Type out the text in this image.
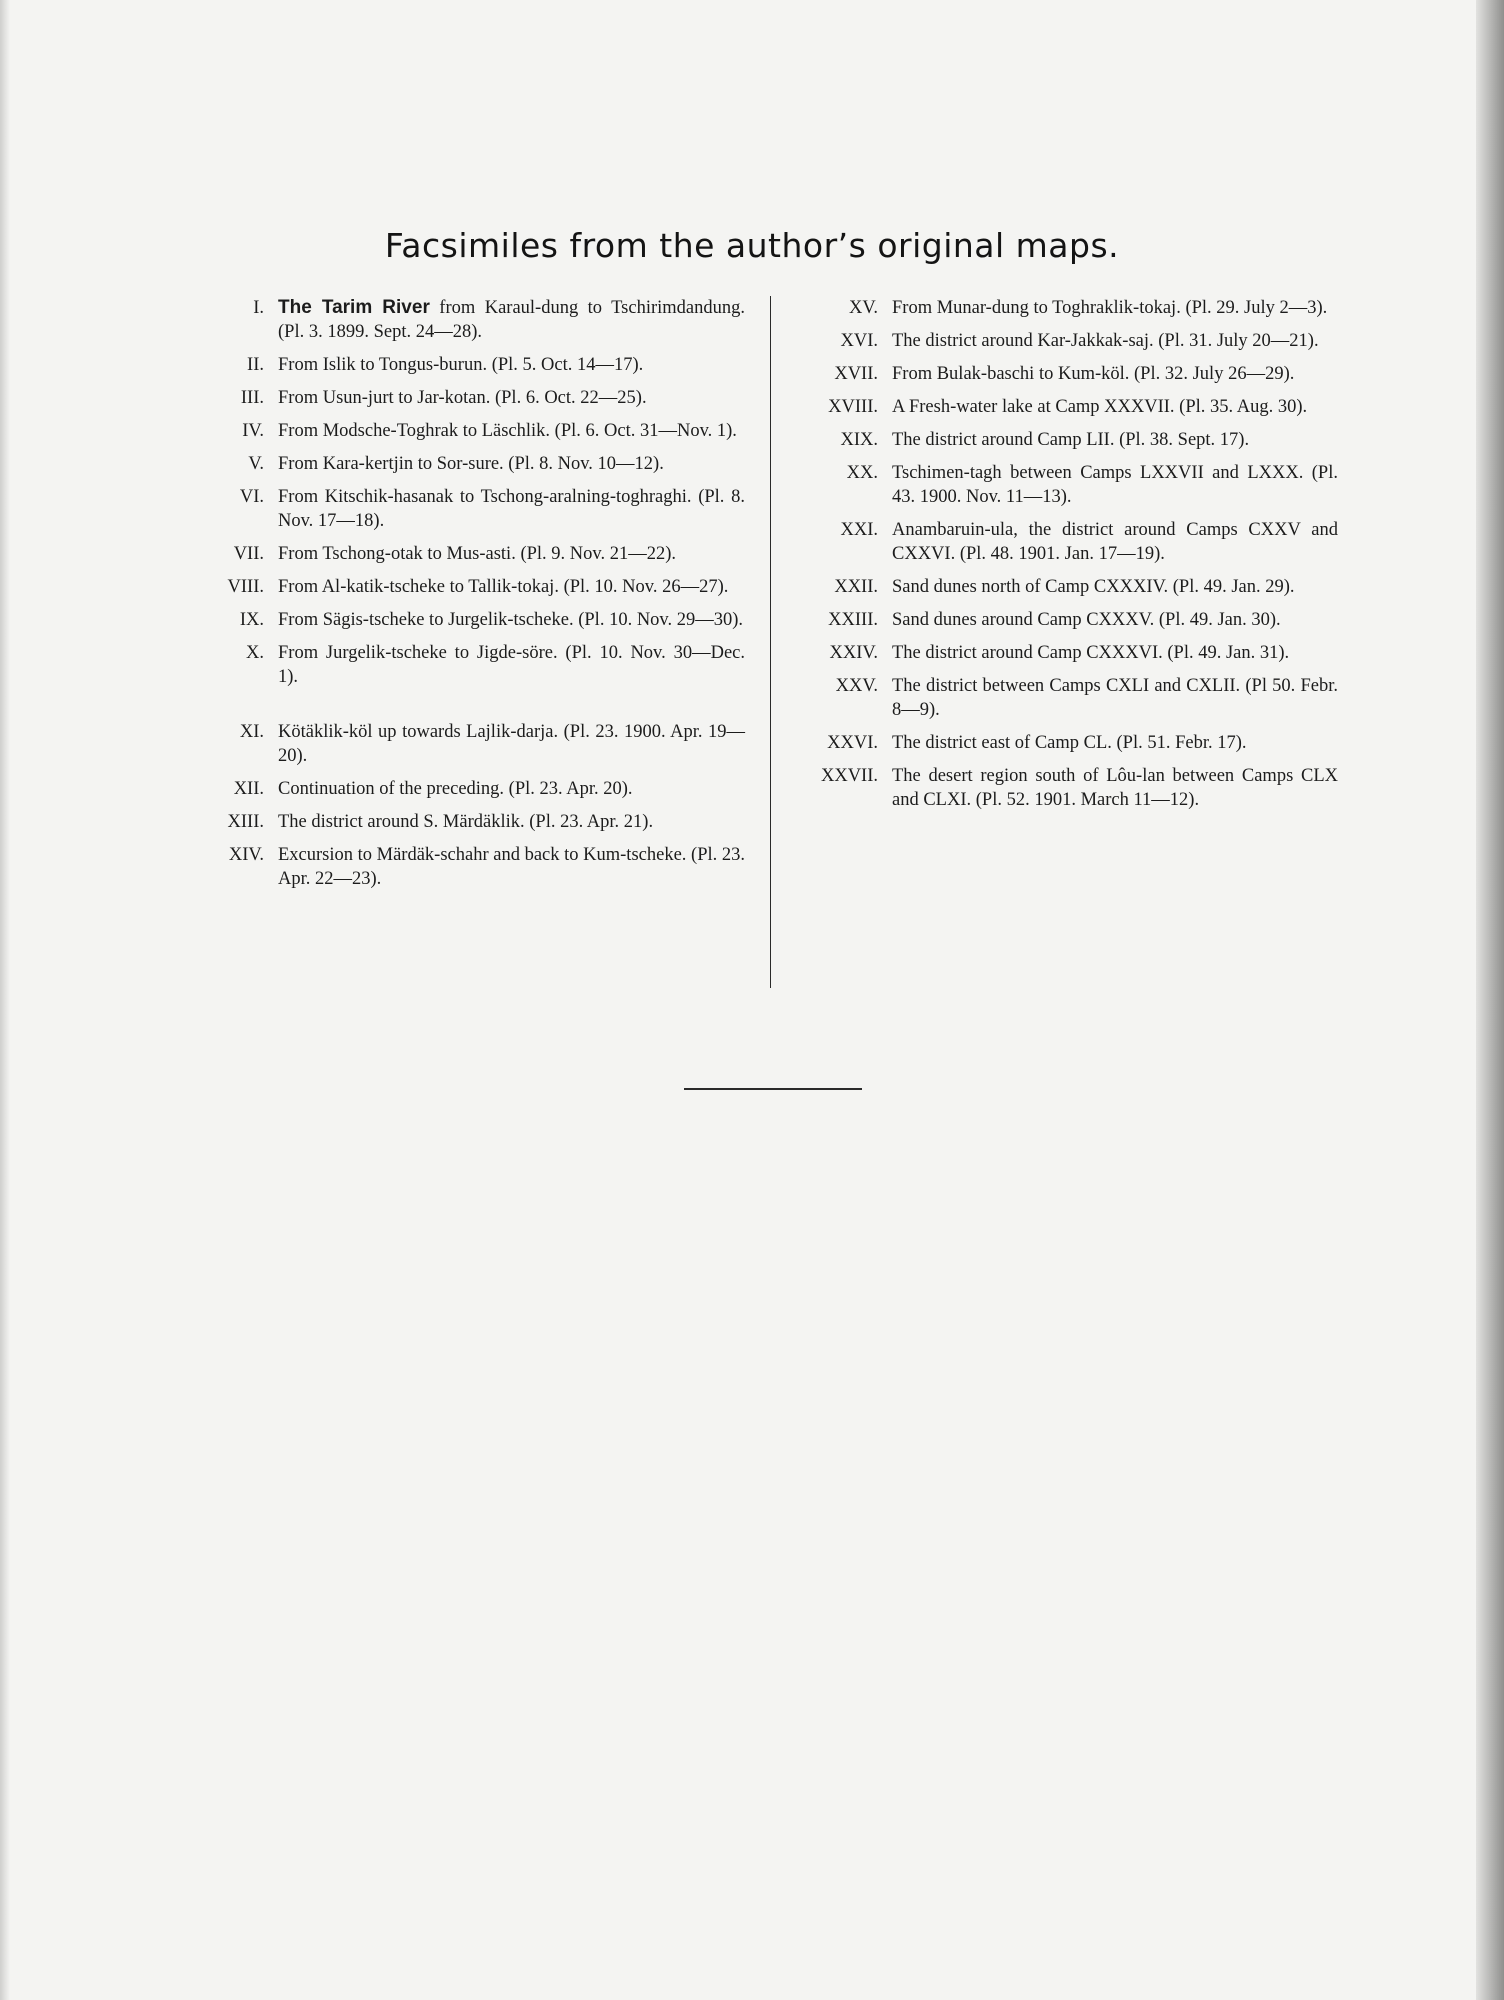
Facsimiles from the author’s original maps.
I. The Tarim River from Karaul-dung to Tschirimdandung. (Pl. 3. 1899. Sept. 24—28).
II. From Islik to Tongus-burun. (Pl. 5. Oct. 14—17).
III. From Usun-jurt to Jar-kotan. (Pl. 6. Oct. 22—25).
IV. From Modsche-Toghrak to Läschlik. (Pl. 6. Oct. 31—Nov. 1).
V. From Kara-kertjin to Sor-sure. (Pl. 8. Nov. 10—12).
VI. From Kitschik-hasanak to Tschong-aralning-toghraghi. (Pl. 8. Nov. 17—18).
VII. From Tschong-otak to Mus-asti. (Pl. 9. Nov. 21—22).
VIII. From Al-katik-tscheke to Tallik-tokaj. (Pl. 10. Nov. 26—27).
IX. From Sägis-tscheke to Jurgelik-tscheke. (Pl. 10. Nov. 29—30).
X. From Jurgelik-tscheke to Jigde-söre. (Pl. 10. Nov. 30—Dec. 1).
XI. Kötäklik-köl up towards Lajlik-darja. (Pl. 23. 1900. Apr. 19—20).
XII. Continuation of the preceding. (Pl. 23. Apr. 20).
XIII. The district around S. Märdäklik. (Pl. 23. Apr. 21).
XIV. Excursion to Märdäk-schahr and back to Kum-tscheke. (Pl. 23. Apr. 22—23).
XV. From Munar-dung to Toghraklik-tokaj. (Pl. 29. July 2—3).
XVI. The district around Kar-Jakkak-saj. (Pl. 31. July 20—21).
XVII. From Bulak-baschi to Kum-köl. (Pl. 32. July 26—29).
XVIII. A Fresh-water lake at Camp XXXVII. (Pl. 35. Aug. 30).
XIX. The district around Camp LII. (Pl. 38. Sept. 17).
XX. Tschimen-tagh between Camps LXXVII and LXXX. (Pl. 43. 1900. Nov. 11—13).
XXI. Anambaruin-ula, the district around Camps CXXV and CXXVI. (Pl. 48. 1901. Jan. 17—19).
XXII. Sand dunes north of Camp CXXXIV. (Pl. 49. Jan. 29).
XXIII. Sand dunes around Camp CXXXV. (Pl. 49. Jan. 30).
XXIV. The district around Camp CXXXVI. (Pl. 49. Jan. 31).
XXV. The district between Camps CXLI and CXLII. (Pl 50. Febr. 8—9).
XXVI. The district east of Camp CL. (Pl. 51. Febr. 17).
XXVII. The desert region south of Lôu-lan between Camps CLX and CLXI. (Pl. 52. 1901. March 11—12).
